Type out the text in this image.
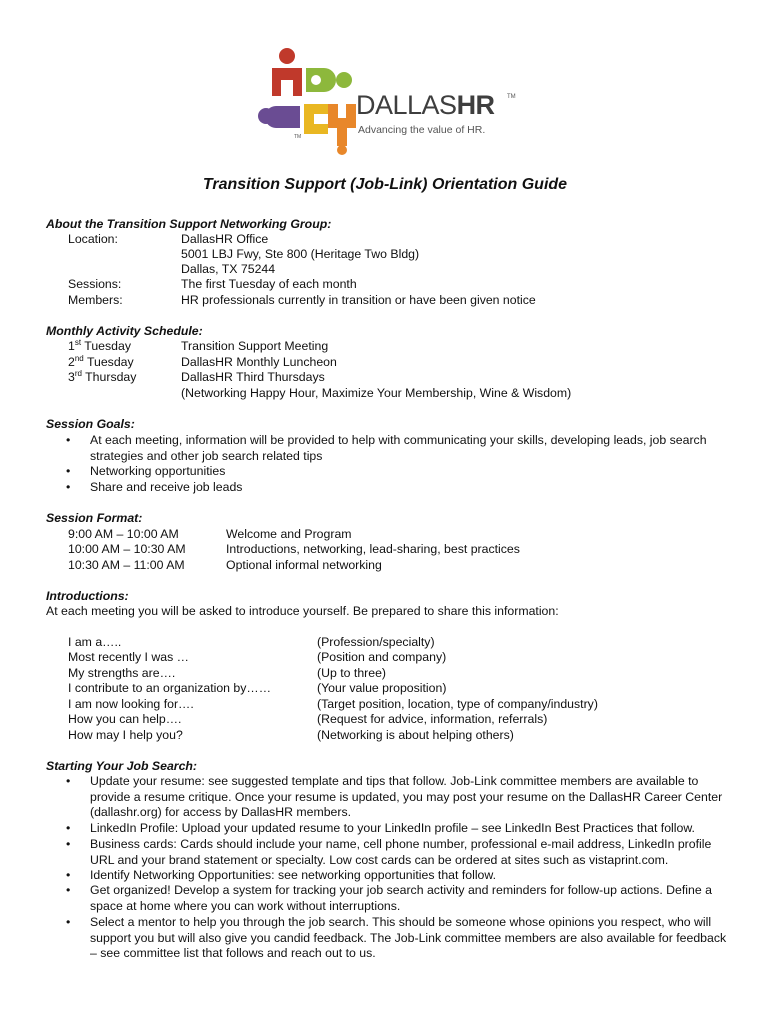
DALLASHR TM
Advancing the value of HR.
TM
Transition Support (Job-Link) Orientation Guide
About the Transition Support Networking Group:
Location:	DallasHR Office
5001 LBJ Fwy, Ste 800 (Heritage Two Bldg)
Dallas, TX 75244
Sessions:	The first Tuesday of each month
Members:	HR professionals currently in transition or have been given notice
Monthly Activity Schedule:
1st Tuesday	Transition Support Meeting
2nd Tuesday	DallasHR Monthly Luncheon
3rd Thursday	DallasHR Third Thursdays
(Networking Happy Hour, Maximize Your Membership, Wine & Wisdom)
Session Goals:
• At each meeting, information will be provided to help with communicating your skills, developing leads, job search strategies and other job search related tips
• Networking opportunities
• Share and receive job leads
Session Format:
9:00 AM – 10:00 AM	Welcome and Program
10:00 AM – 10:30 AM	Introductions, networking, lead-sharing, best practices
10:30 AM – 11:00 AM	Optional informal networking
Introductions:
At each meeting you will be asked to introduce yourself. Be prepared to share this information:
I am a…..	(Profession/specialty)
Most recently I was …	(Position and company)
My strengths are….	(Up to three)
I contribute to an organization by……	(Your value proposition)
I am now looking for….	(Target position, location, type of company/industry)
How you can help….	(Request for advice, information, referrals)
How may I help you?	(Networking is about helping others)
Starting Your Job Search:
• Update your resume: see suggested template and tips that follow. Job-Link committee members are available to provide a resume critique. Once your resume is updated, you may post your resume on the DallasHR Career Center (dallashr.org) for access by DallasHR members.
• LinkedIn Profile: Upload your updated resume to your LinkedIn profile – see LinkedIn Best Practices that follow.
• Business cards: Cards should include your name, cell phone number, professional e-mail address, LinkedIn profile URL and your brand statement or specialty. Low cost cards can be ordered at sites such as vistaprint.com.
• Identify Networking Opportunities: see networking opportunities that follow.
• Get organized! Develop a system for tracking your job search activity and reminders for follow-up actions. Define a space at home where you can work without interruptions.
• Select a mentor to help you through the job search. This should be someone whose opinions you respect, who will support you but will also give you candid feedback. The Job-Link committee members are also available for feedback – see committee list that follows and reach out to us.
